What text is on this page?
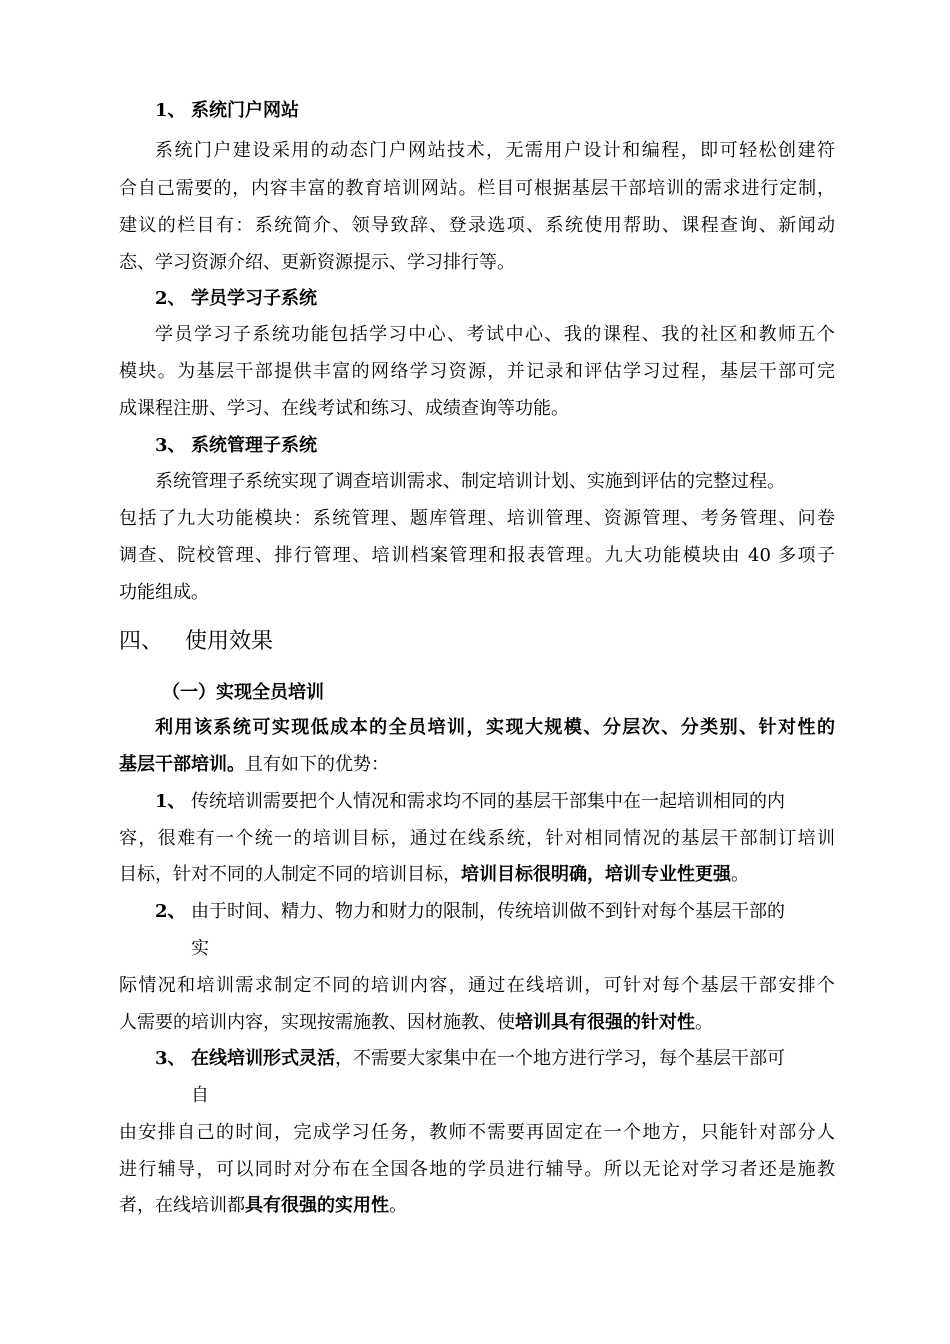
1、 系统门户网站
系统门户建设采用的动态门户网站技术，无需用户设计和编程，即可轻松创建符
合自己需要的，内容丰富的教育培训网站。栏目可根据基层干部培训的需求进行定制，
建议的栏目有：系统简介、领导致辞、登录选项、系统使用帮助、课程查询、新闻动
态、学习资源介绍、更新资源提示、学习排行等。
2、 学员学习子系统
学员学习子系统功能包括学习中心、考试中心、我的课程、我的社区和教师五个
模块。为基层干部提供丰富的网络学习资源，并记录和评估学习过程，基层干部可完
成课程注册、学习、在线考试和练习、成绩查询等功能。
3、 系统管理子系统
系统管理子系统实现了调查培训需求、制定培训计划、实施到评估的完整过程。
包括了九大功能模块：系统管理、题库管理、培训管理、资源管理、考务管理、问卷
调查、院校管理、排行管理、培训档案管理和报表管理。九大功能模块由 40 多项子
功能组成。
四、 使用效果
（一）实现全员培训
利用该系统可实现低成本的全员培训，实现大规模、分层次、分类别、针对性的
基层干部培训。且有如下的优势：
1、 传统培训需要把个人情况和需求均不同的基层干部集中在一起培训相同的内
容，很难有一个统一的培训目标，通过在线系统，针对相同情况的基层干部制订培训
目标，针对不同的人制定不同的培训目标，培训目标很明确，培训专业性更强。
2、 由于时间、精力、物力和财力的限制，传统培训做不到针对每个基层干部的
实
际情况和培训需求制定不同的培训内容，通过在线培训，可针对每个基层干部安排个
人需要的培训内容，实现按需施教、因材施教、使培训具有很强的针对性。
3、 在线培训形式灵活，不需要大家集中在一个地方进行学习，每个基层干部可
自
由安排自己的时间，完成学习任务，教师不需要再固定在一个地方，只能针对部分人
进行辅导，可以同时对分布在全国各地的学员进行辅导。所以无论对学习者还是施教
者，在线培训都具有很强的实用性。
